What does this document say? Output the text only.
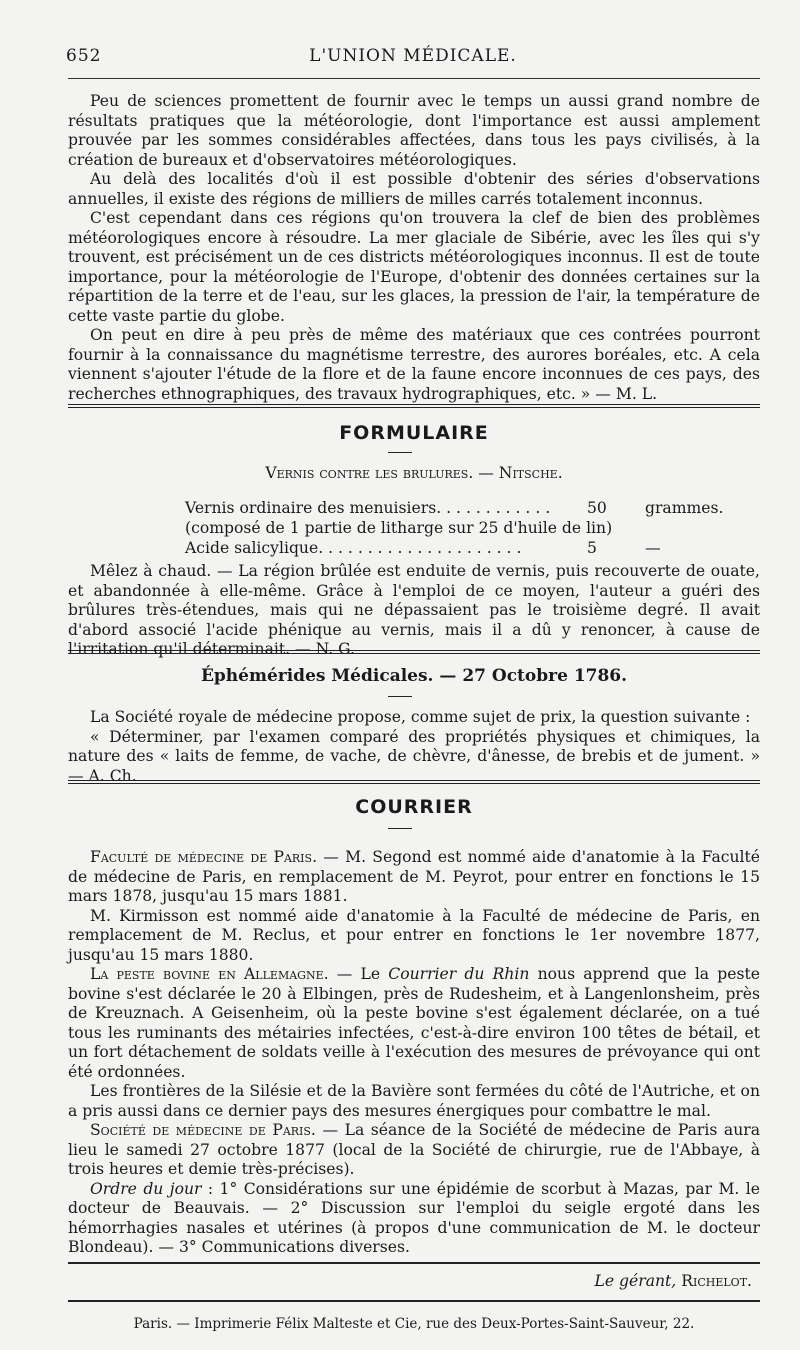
652	L'UNION MÉDICALE.

Peu de sciences promettent de fournir avec le temps un aussi grand nombre de résultats pratiques que la météorologie, dont l'importance est aussi amplement prouvée par les sommes considérables affectées, dans tous les pays civilisés, à la création de bureaux et d'observatoires météorologiques.

Au delà des localités d'où il est possible d'obtenir des séries d'observations annuelles, il existe des régions de milliers de milles carrés totalement inconnus.

C'est cependant dans ces régions qu'on trouvera la clef de bien des problèmes météorologiques encore à résoudre. La mer glaciale de Sibérie, avec les îles qui s'y trouvent, est précisément un de ces districts météorologiques inconnus. Il est de toute importance, pour la météorologie de l'Europe, d'obtenir des données certaines sur la répartition de la terre et de l'eau, sur les glaces, la pression de l'air, la température de cette vaste partie du globe.

On peut en dire à peu près de même des matériaux que ces contrées pourront fournir à la connaissance du magnétisme terrestre, des aurores boréales, etc. A cela viennent s'ajouter l'étude de la flore et de la faune encore inconnues de ces pays, des recherches ethnographiques, des travaux hydrographiques, etc. » — M. L.

FORMULAIRE
Vernis contre les brulures. — Nitsche.
Vernis ordinaire des menuisiers. . . . . . . . . . . . 50 grammes.
(composé de 1 partie de litharge sur 25 d'huile de lin)
Acide salicylique. . . . . . . . . . . . . . . . . . . . .	5	—

Mêlez à chaud. — La région brûlée est enduite de vernis, puis recouverte de ouate, et abandonnée à elle-même. Grâce à l'emploi de ce moyen, l'auteur a guéri des brûlures très-étendues, mais qui ne dépassaient pas le troisième degré. Il avait d'abord associé l'acide phénique au vernis, mais il a dû y renoncer, à cause de l'irritation qu'il déterminait. — N. G.

Éphémérides Médicales. — 27 Octobre 1786.

La Société royale de médecine propose, comme sujet de prix, la question suivante :

« Déterminer, par l'examen comparé des propriétés physiques et chimiques, la nature des « laits de femme, de vache, de chèvre, d'ânesse, de brebis et de jument. » — A. Ch.

COURRIER

Faculté de médecine de Paris. — M. Segond est nommé aide d'anatomie à la Faculté de médecine de Paris, en remplacement de M. Peyrot, pour entrer en fonctions le 15 mars 1878, jusqu'au 15 mars 1881.

M. Kirmisson est nommé aide d'anatomie à la Faculté de médecine de Paris, en remplacement de M. Reclus, et pour entrer en fonctions le 1er novembre 1877, jusqu'au 15 mars 1880.

La peste bovine en Allemagne. — Le Courrier du Rhin nous apprend que la peste bovine s'est déclarée le 20 à Elbingen, près de Rudesheim, et à Langenlonsheim, près de Kreuznach. A Geisenheim, où la peste bovine s'est également déclarée, on a tué tous les ruminants des métairies infectées, c'est-à-dire environ 100 têtes de bétail, et un fort détachement de soldats veille à l'exécution des mesures de prévoyance qui ont été ordonnées.

Les frontières de la Silésie et de la Bavière sont fermées du côté de l'Autriche, et on a pris aussi dans ce dernier pays des mesures énergiques pour combattre le mal.

Société de médecine de Paris. — La séance de la Société de médecine de Paris aura lieu le samedi 27 octobre 1877 (local de la Société de chirurgie, rue de l'Abbaye, à trois heures et demie très-précises).

Ordre du jour : 1° Considérations sur une épidémie de scorbut à Mazas, par M. le docteur de Beauvais. — 2° Discussion sur l'emploi du seigle ergoté dans les hémorrhagies nasales et utérines (à propos d'une communication de M. le docteur Blondeau). — 3° Communications diverses.

Le gérant, Richelot.
Paris. — Imprimerie Félix Malteste et Cie, rue des Deux-Portes-Saint-Sauveur, 22.
